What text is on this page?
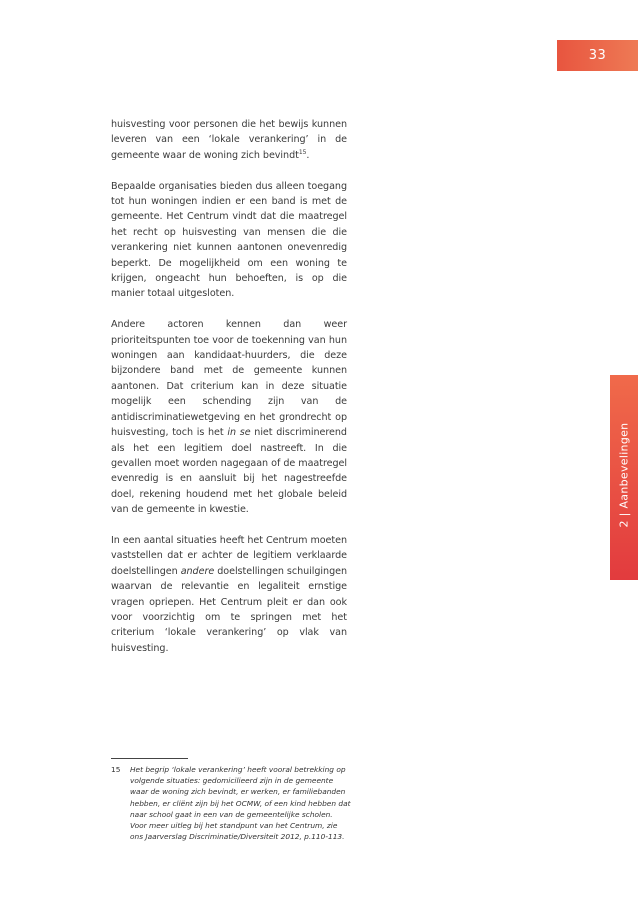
33
2 | Aanbevelingen

huisvesting voor personen die het bewijs kunnen leveren van een ‘lokale verankering’ in de gemeente waar de woning zich bevindt$^{15}$.

Bepaalde organisaties bieden dus alleen toegang tot hun woningen indien er een band is met de gemeente. Het Centrum vindt dat die maatregel het recht op huisvesting van mensen die die verankering niet kunnen aantonen onevenredig beperkt. De mogelijkheid om een woning te krijgen, ongeacht hun behoeften, is op die manier totaal uitgesloten.

Andere actoren kennen dan weer prioriteitspunten toe voor de toekenning van hun woningen aan kandidaat-huurders, die deze bijzondere band met de gemeente kunnen aantonen. Dat criterium kan in deze situatie mogelijk een schending zijn van de antidiscriminatiewetgeving en het grondrecht op huisvesting, toch is het in se niet discriminerend als het een legitiem doel nastreeft. In die gevallen moet worden nagegaan of de maatregel evenredig is en aansluit bij het nagestreefde doel, rekening houdend met het globale beleid van de gemeente in kwestie.

In een aantal situaties heeft het Centrum moeten vaststellen dat er achter de legitiem verklaarde doelstellingen andere doelstellingen schuilgingen waarvan de relevantie en legaliteit ernstige vragen opriepen. Het Centrum pleit er dan ook voor voorzichtig om te springen met het criterium ‘lokale verankering’ op vlak van huisvesting.

15 Het begrip ‘lokale verankering’ heeft vooral betrekking op volgende situaties: gedomicilieerd zijn in de gemeente waar de woning zich bevindt, er werken, er familiebanden hebben, er cliënt zijn bij het OCMW, of een kind hebben dat naar school gaat in een van de gemeentelijke scholen. Voor meer uitleg bij het standpunt van het Centrum, zie ons Jaarverslag Discriminatie/Diversiteit 2012, p.110-113.
